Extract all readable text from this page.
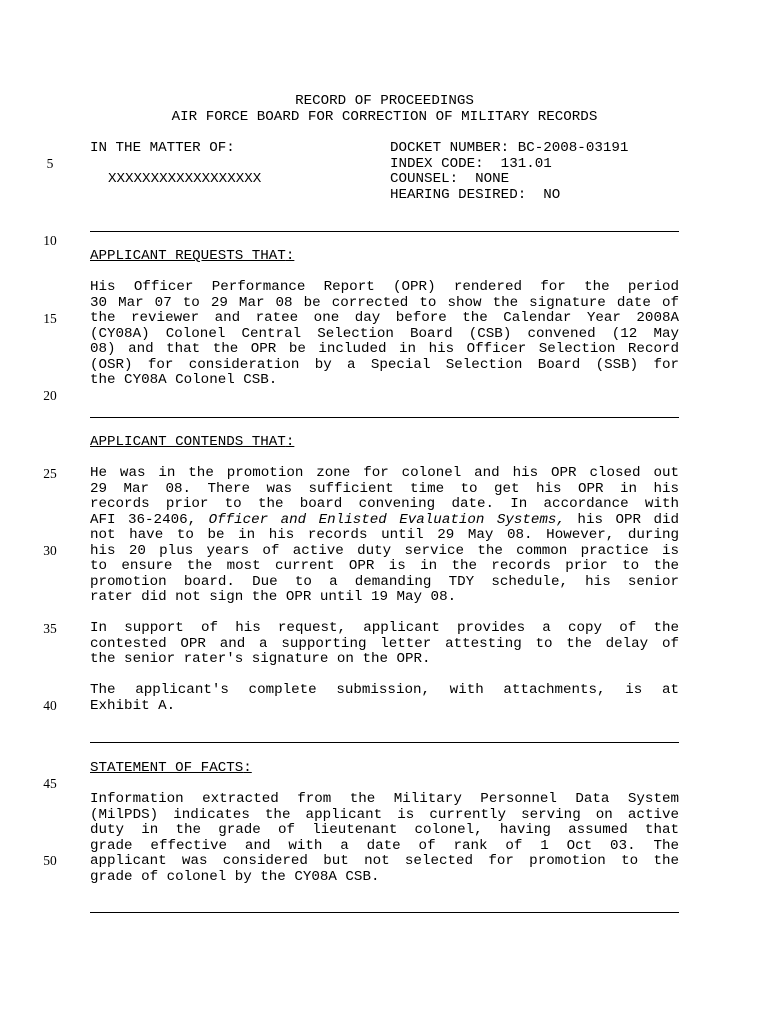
RECORD OF PROCEEDINGS
AIR FORCE BOARD FOR CORRECTION OF MILITARY RECORDS
IN THE MATTER OF:
XXXXXXXXXXXXXXXXXX
DOCKET NUMBER: BC-2008-03191
INDEX CODE:  131.01
COUNSEL:  NONE
HEARING DESIRED:  NO
5
10
15
20
25
30
35
40
45
50
APPLICANT REQUESTS THAT:
His Officer Performance Report (OPR) rendered for the period
30 Mar 07 to 29 Mar 08 be corrected to show the signature date of
the reviewer and ratee one day before the Calendar Year 2008A
(CY08A) Colonel Central Selection Board (CSB) convened (12 May
08) and that the OPR be included in his Officer Selection Record
(OSR) for consideration by a Special Selection Board (SSB) for
the CY08A Colonel CSB.
APPLICANT CONTENDS THAT:
He was in the promotion zone for colonel and his OPR closed out
29 Mar 08. There was sufficient time to get his OPR in his
records prior to the board convening date. In accordance with
AFI 36-2406, Officer and Enlisted Evaluation Systems, his OPR did
not have to be in his records until 29 May 08. However, during
his 20 plus years of active duty service the common practice is
to ensure the most current OPR is in the records prior to the
promotion board. Due to a demanding TDY schedule, his senior
rater did not sign the OPR until 19 May 08.
In support of his request, applicant provides a copy of the
contested OPR and a supporting letter attesting to the delay of
the senior rater's signature on the OPR.
The applicant's complete submission, with attachments, is at
Exhibit A.
STATEMENT OF FACTS:
Information extracted from the Military Personnel Data System
(MilPDS) indicates the applicant is currently serving on active
duty in the grade of lieutenant colonel, having assumed that
grade effective and with a date of rank of 1 Oct 03. The
applicant was considered but not selected for promotion to the
grade of colonel by the CY08A CSB.
